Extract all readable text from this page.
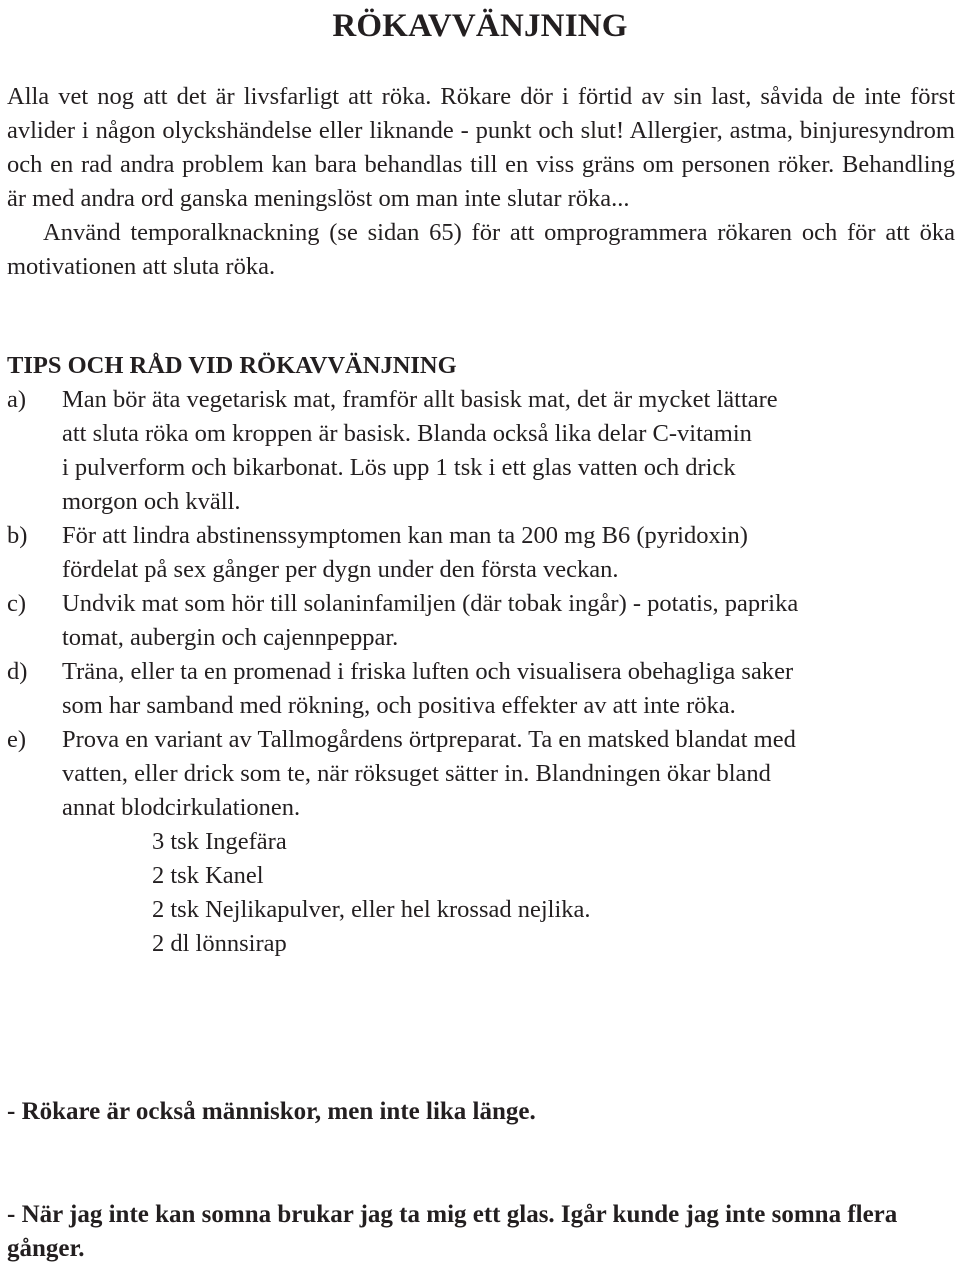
RÖKAVVÄNJNING

Alla vet nog att det är livsfarligt att röka. Rökare dör i förtid av sin last, såvida de inte först avlider i någon olyckshändelse eller liknande - punkt och slut! Allergier, astma, binjuresyndrom och en rad andra problem kan bara behandlas till en viss gräns om personen röker. Behandling är med andra ord ganska meningslöst om man inte slutar röka...

Använd temporalknackning (se sidan 65) för att omprogrammera rökaren och för att öka motivationen att sluta röka.

TIPS OCH RÅD VID RÖKAVVÄNJNING
a)	Man bör äta vegetarisk mat, framför allt basisk mat, det är mycket lättare
att sluta röka om kroppen är basisk. Blanda också lika delar C-vitamin
i pulverform och bikarbonat. Lös upp 1 tsk i ett glas vatten och drick
morgon och kväll.
b)	För att lindra abstinenssymptomen kan man ta 200 mg B6 (pyridoxin)
fördelat på sex gånger per dygn under den första veckan.
c)	Undvik mat som hör till solaninfamiljen (där tobak ingår) - potatis, paprika
tomat, aubergin och cajennpeppar.
d)	Träna, eller ta en promenad i friska luften och visualisera obehagliga saker
som har samband med rökning, och positiva effekter av att inte röka.
e)	Prova en variant av Tallmogårdens örtpreparat. Ta en matsked blandat med
vatten, eller drick som te, när röksuget sätter in. Blandningen ökar bland
annat blodcirkulationen.
3 tsk Ingefära
2 tsk Kanel
2 tsk Nejlikapulver, eller hel krossad nejlika.
2 dl lönnsirap
- Rökare är också människor, men inte lika länge.
- När jag inte kan somna brukar jag ta mig ett glas. Igår kunde jag inte somna flera gånger.
